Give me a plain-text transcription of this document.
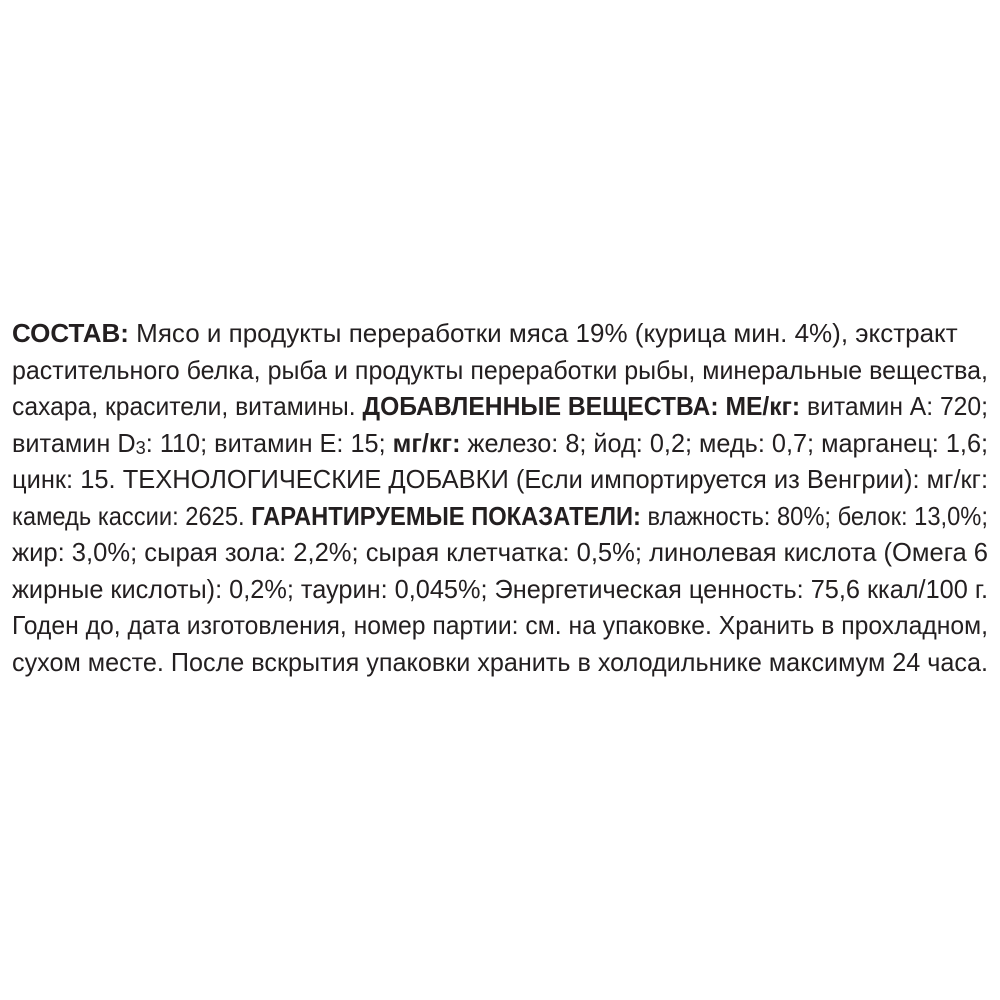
СОСТАВ: Мясо и продукты переработки мяса 19% (курица мин. 4%), экстракт
растительного белка, рыба и продукты переработки рыбы, минеральные вещества,
сахара, красители, витамины. ДОБАВЛЕННЫЕ ВЕЩЕСТВА: МЕ/кг: витамин А: 720;
витамин D3: 110; витамин Е: 15; мг/кг: железо: 8; йод: 0,2; медь: 0,7; марганец: 1,6;
цинк: 15. ТЕХНОЛОГИЧЕСКИЕ ДОБАВКИ (Если импортируется из Венгрии): мг/кг:
камедь кассии: 2625. ГАРАНТИРУЕМЫЕ ПОКАЗАТЕЛИ: влажность: 80%; белок: 13,0%;
жир: 3,0%; сырая зола: 2,2%; сырая клетчатка: 0,5%; линолевая кислота (Омега 6
жирные кислоты): 0,2%; таурин: 0,045%; Энергетическая ценность: 75,6 ккал/100 г.
Годен до, дата изготовления, номер партии: см. на упаковке. Хранить в прохладном,
сухом месте. После вскрытия упаковки хранить в холодильнике максимум 24 часа.
